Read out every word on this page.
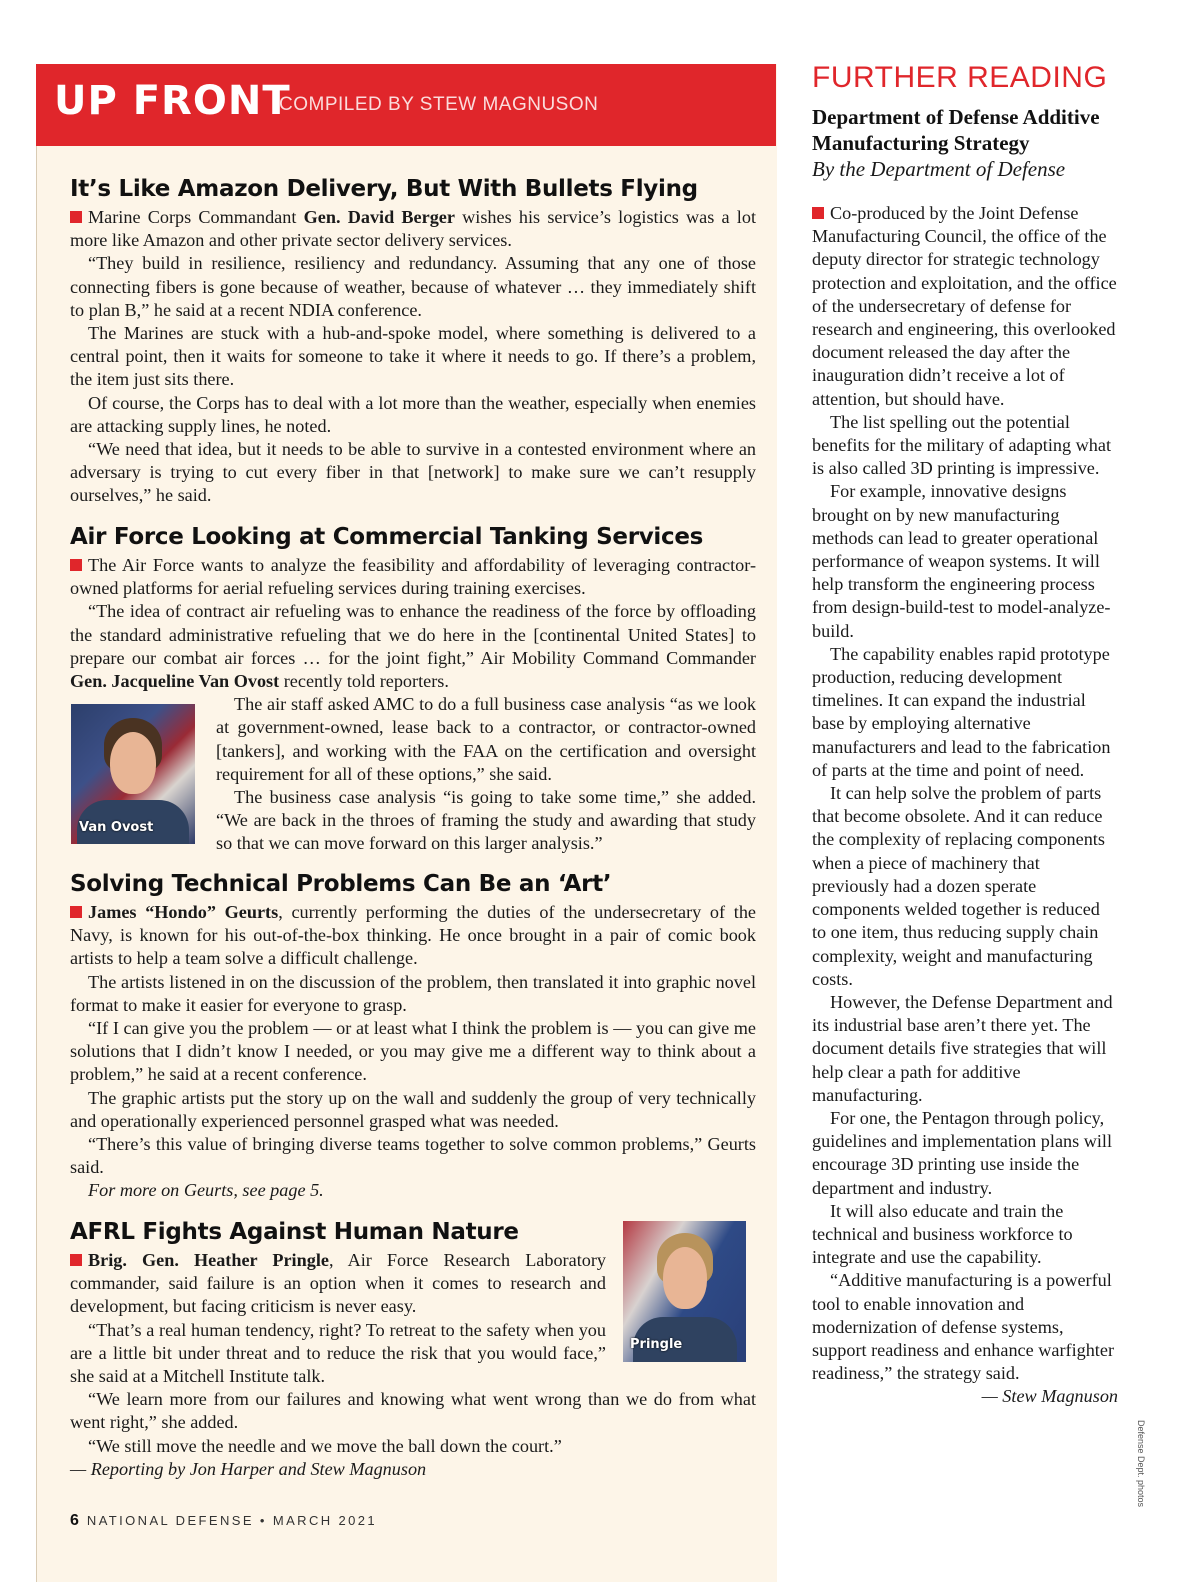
UP FRONT
COMPILED BY STEW MAGNUSON
It’s Like Amazon Delivery, But With Bullets Flying

Marine Corps Commandant Gen. David Berger wishes his service’s logistics was a lot more like Amazon and other private sector delivery services.

“They build in resilience, resiliency and redundancy. Assuming that any one of those connecting fibers is gone because of weather, because of whatever … they immediately shift to plan B,” he said at a recent NDIA conference.

The Marines are stuck with a hub-and-spoke model, where something is delivered to a central point, then it waits for someone to take it where it needs to go. If there’s a problem, the item just sits there.

Of course, the Corps has to deal with a lot more than the weather, especially when enemies are attacking supply lines, he noted.

“We need that idea, but it needs to be able to survive in a contested environment where an adversary is trying to cut every fiber in that [network] to make sure we can’t resupply ourselves,” he said.

Air Force Looking at Commercial Tanking Services

The Air Force wants to analyze the feasibility and affordability of leveraging contractor-owned platforms for aerial refueling services during training exercises.

“The idea of contract air refueling was to enhance the readiness of the force by offloading the standard administrative refueling that we do here in the [continental United States] to prepare our combat air forces … for the joint fight,” Air Mobility Command Commander Gen. Jacqueline Van Ovost recently told reporters.

The air staff asked AMC to do a full business case analysis “as we look at government-owned, lease back to a contractor, or contractor-owned [tankers], and working with the FAA on the certification and oversight requirement for all of these options,” she said.

The business case analysis “is going to take some time,” she added. “We are back in the throes of framing the study and awarding that study so that we can move forward on this larger analysis.”

Van Ovost
Solving Technical Problems Can Be an ‘Art’

James “Hondo” Geurts, currently performing the duties of the undersecretary of the Navy, is known for his out-of-the-box thinking. He once brought in a pair of comic book artists to help a team solve a difficult challenge.

The artists listened in on the discussion of the problem, then translated it into graphic novel format to make it easier for everyone to grasp.

“If I can give you the problem — or at least what I think the problem is — you can give me solutions that I didn’t know I needed, or you may give me a different way to think about a problem,” he said at a recent conference.

The graphic artists put the story up on the wall and suddenly the group of very technically and operationally experienced personnel grasped what was needed.

“There’s this value of bringing diverse teams together to solve common problems,” Geurts said.

For more on Geurts, see page 5.

AFRL Fights Against Human Nature

Brig. Gen. Heather Pringle, Air Force Research Laboratory commander, said failure is an option when it comes to research and development, but facing criticism is never easy.

“That’s a real human tendency, right? To retreat to the safety when you are a little bit under threat and to reduce the risk that you would face,” she said at a Mitchell Institute talk.

“We learn more from our failures and knowing what went wrong than we do from what went right,” she added.

“We still move the needle and we move the ball down the court.”

— Reporting by Jon Harper and Stew Magnuson

Pringle
6 NATIONAL DEFENSE • MARCH 2021
FURTHER READING
Department of Defense Additive Manufacturing Strategy
By the Department of Defense

Co-produced by the Joint Defense Manufacturing Council, the office of the deputy director for strategic technology protection and exploitation, and the office of the undersecretary of defense for research and engineering, this overlooked document released the day after the inauguration didn’t receive a lot of attention, but should have.

The list spelling out the potential benefits for the military of adapting what is also called 3D printing is impressive.

For example, innovative designs brought on by new manufacturing methods can lead to greater operational performance of weapon systems. It will help transform the engineering process from design-build-test to model-analyze-build.

The capability enables rapid prototype production, reducing development timelines. It can expand the industrial base by employing alternative manufacturers and lead to the fabrication of parts at the time and point of need.

It can help solve the problem of parts that become obsolete. And it can reduce the complexity of replacing components when a piece of machinery that previously had a dozen sperate components welded together is reduced to one item, thus reducing supply chain complexity, weight and manufacturing costs.

However, the Defense Department and its industrial base aren’t there yet. The document details five strategies that will help clear a path for additive manufacturing.

For one, the Pentagon through policy, guidelines and implementation plans will encourage 3D printing use inside the department and industry.

It will also educate and train the technical and business workforce to integrate and use the capability.

“Additive manufacturing is a powerful tool to enable innovation and modernization of defense systems, support readiness and enhance warfighter readiness,” the strategy said.

— Stew Magnuson

Defense Dept. photos
